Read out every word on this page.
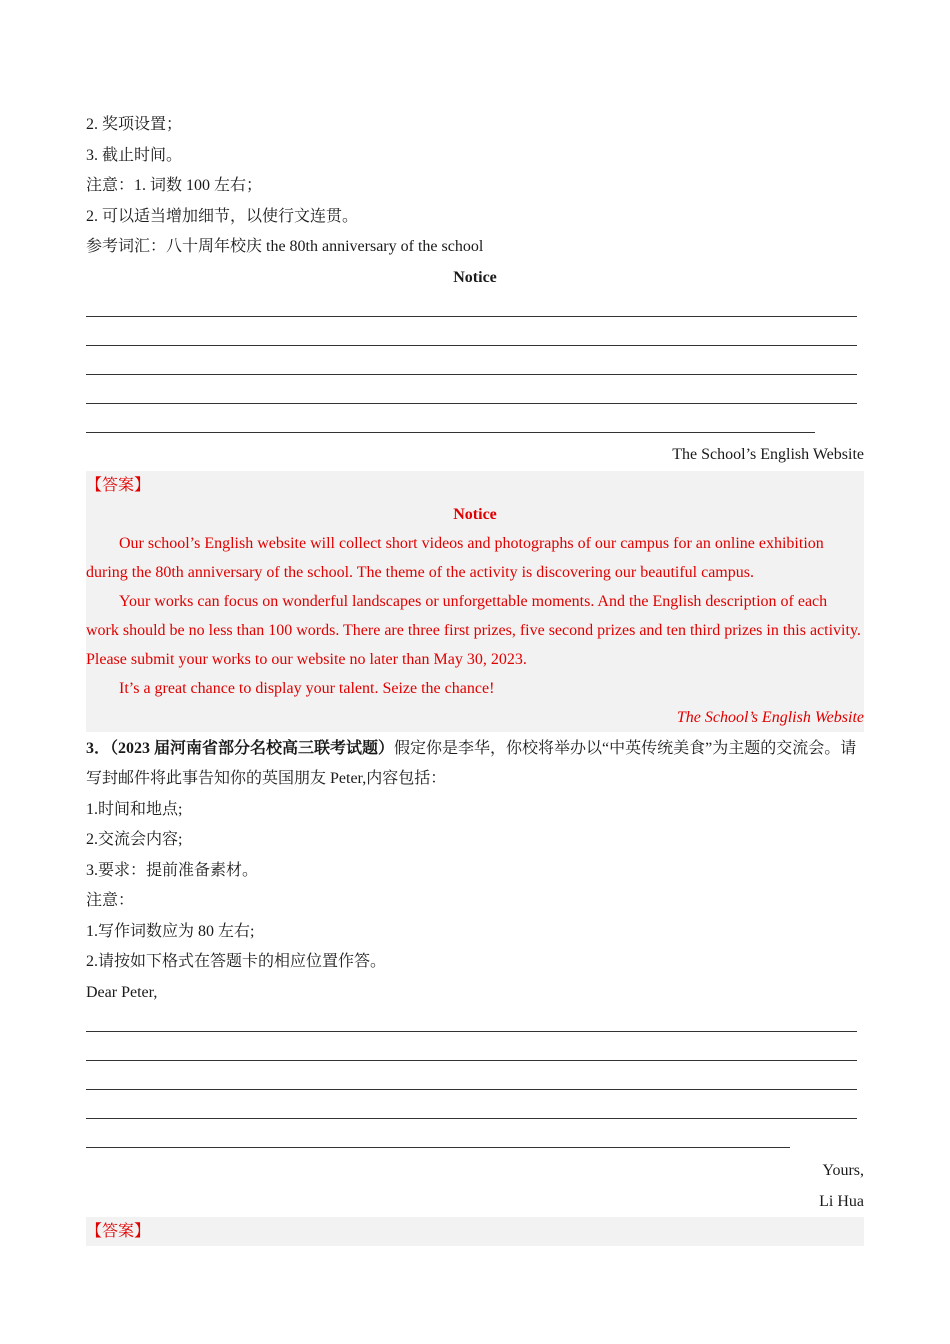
2. 奖项设置；
3. 截止时间。
注意：1. 词数 100 左右；
2. 可以适当增加细节，以使行文连贯。
参考词汇：八十周年校庆 the 80th anniversary of the school
Notice
The School’s English Website
【答案】
Notice
Our school’s English website will collect short videos and photographs of our campus for an online exhibition during the 80th anniversary of the school. The theme of the activity is discovering our beautiful campus.
Your works can focus on wonderful landscapes or unforgettable moments. And the English description of each work should be no less than 100 words. There are three first prizes, five second prizes and ten third prizes in this activity. Please submit your works to our website no later than May 30, 2023.
It’s a great chance to display your talent. Seize the chance!
The School’s English Website
3．（2023 届河南省部分名校高三联考试题）假定你是李华，你校将举办以“中英传统美食”为主题的交流会。请写封邮件将此事告知你的英国朋友 Peter,内容包括：
1.时间和地点;
2.交流会内容;
3.要求：提前准备素材。
注意：
1.写作词数应为 80 左右;
2.请按如下格式在答题卡的相应位置作答。
Dear Peter,
Yours,
Li Hua
【答案】
